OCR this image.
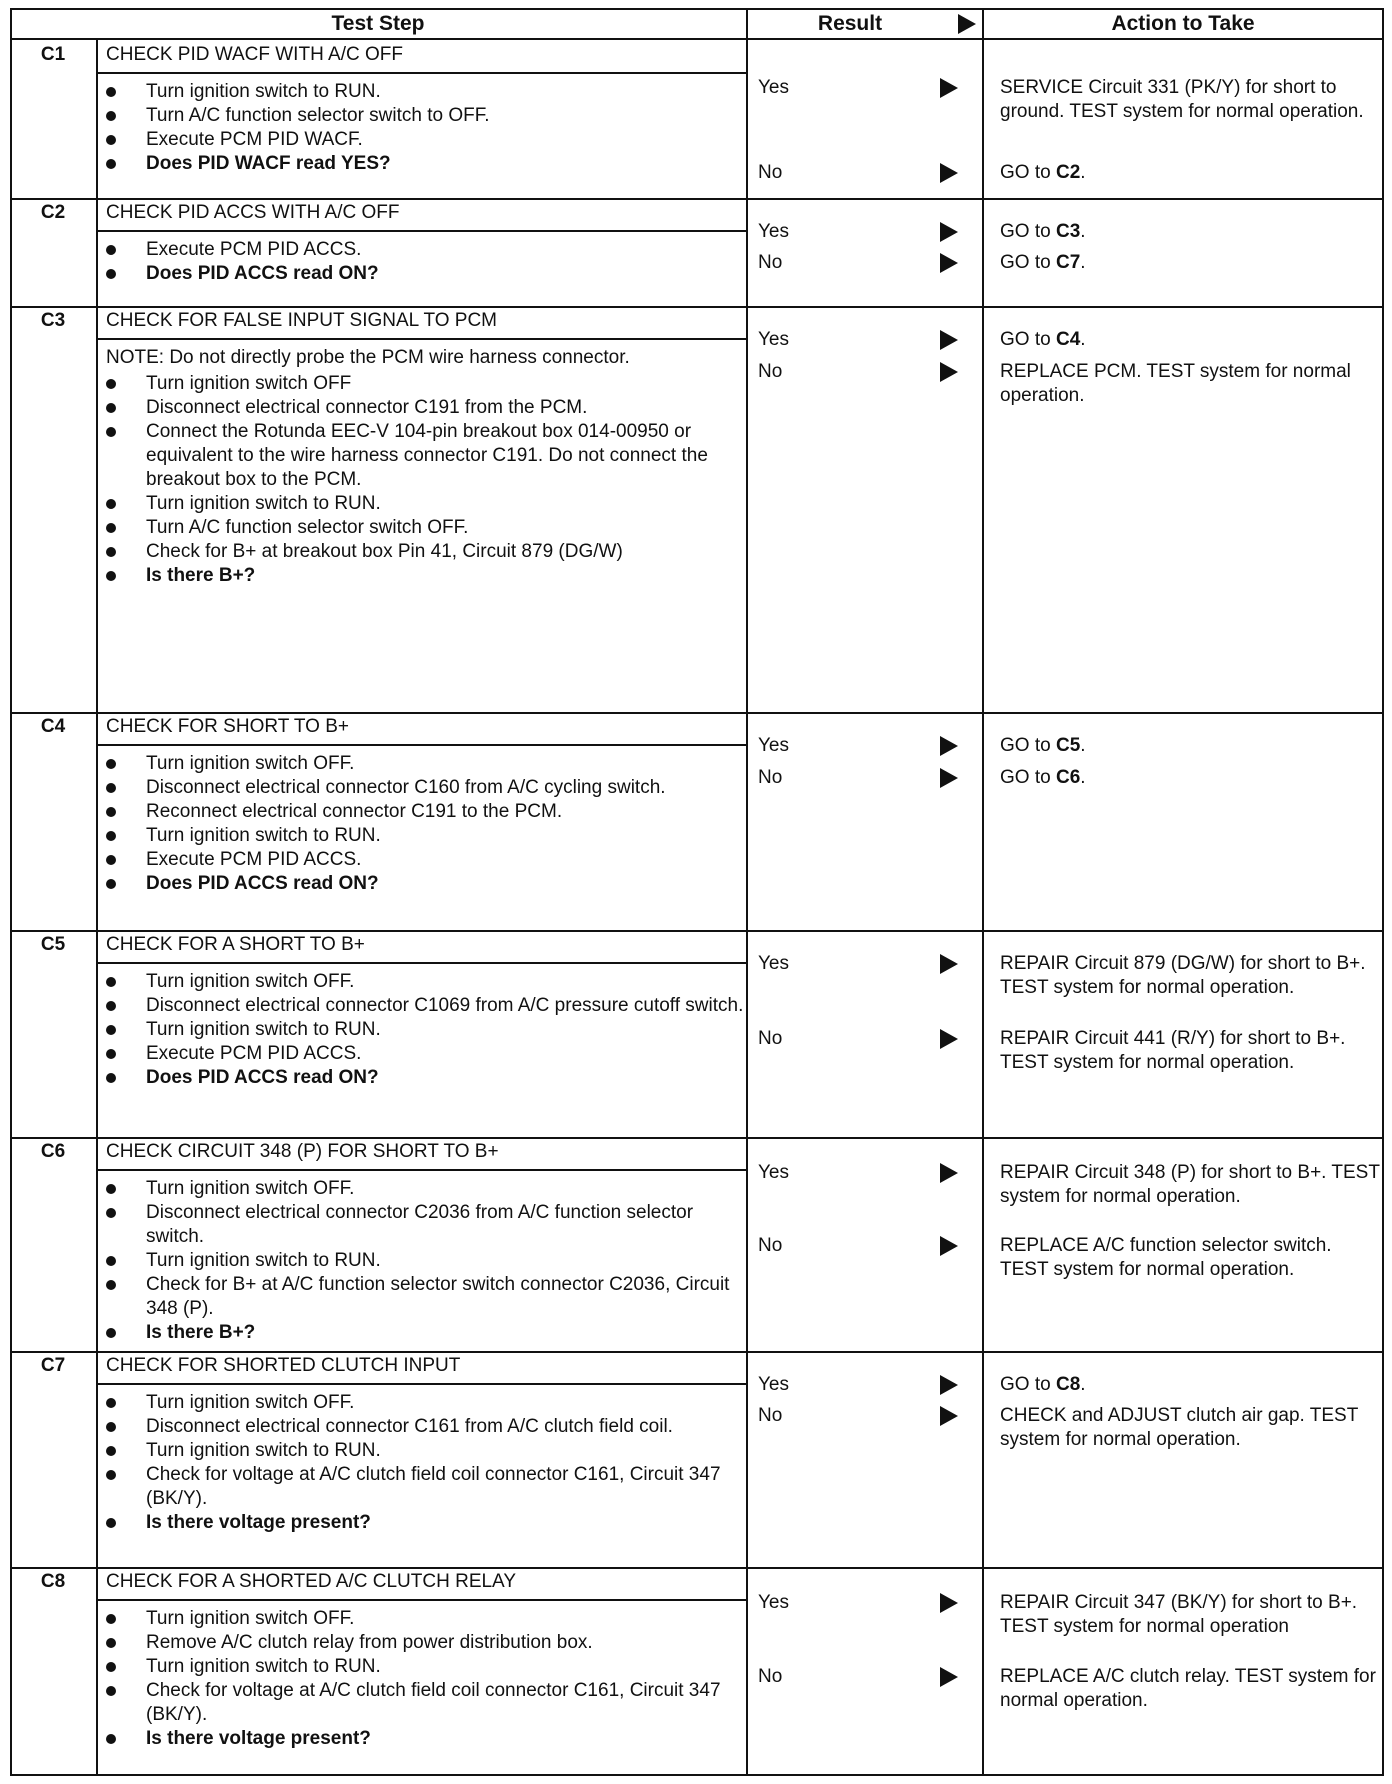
Test Step	Result	Action to Take
C1	CHECK PID WACF WITH A/C OFF
Turn ignition switch to RUN.
Turn A/C function selector switch to OFF.
Execute PCM PID WACF.
Does PID WACF read YES?
Yes	SERVICE Circuit 331 (PK/Y) for short to ground. TEST system for normal operation.
No	GO to C2.
C2	CHECK PID ACCS WITH A/C OFF
Execute PCM PID ACCS.
Does PID ACCS read ON?
Yes	GO to C3.
No	GO to C7.
C3	CHECK FOR FALSE INPUT SIGNAL TO PCM
NOTE: Do not directly probe the PCM wire harness connector.
Turn ignition switch OFF
Disconnect electrical connector C191 from the PCM.
Connect the Rotunda EEC-V 104-pin breakout box 014-00950 or equivalent to the wire harness connector C191. Do not connect the breakout box to the PCM.
Turn ignition switch to RUN.
Turn A/C function selector switch OFF.
Check for B+ at breakout box Pin 41, Circuit 879 (DG/W)
Is there B+?
Yes	GO to C4.
No	REPLACE PCM. TEST system for normal operation.
C4	CHECK FOR SHORT TO B+
Turn ignition switch OFF.
Disconnect electrical connector C160 from A/C cycling switch.
Reconnect electrical connector C191 to the PCM.
Turn ignition switch to RUN.
Execute PCM PID ACCS.
Does PID ACCS read ON?
Yes	GO to C5.
No	GO to C6.
C5	CHECK FOR A SHORT TO B+
Turn ignition switch OFF.
Disconnect electrical connector C1069 from A/C pressure cutoff switch.
Turn ignition switch to RUN.
Execute PCM PID ACCS.
Does PID ACCS read ON?
Yes	REPAIR Circuit 879 (DG/W) for short to B+. TEST system for normal operation.
No	REPAIR Circuit 441 (R/Y) for short to B+. TEST system for normal operation.
C6	CHECK CIRCUIT 348 (P) FOR SHORT TO B+
Turn ignition switch OFF.
Disconnect electrical connector C2036 from A/C function selector switch.
Turn ignition switch to RUN.
Check for B+ at A/C function selector switch connector C2036, Circuit 348 (P).
Is there B+?
Yes	REPAIR Circuit 348 (P) for short to B+. TEST system for normal operation.
No	REPLACE A/C function selector switch. TEST system for normal operation.
C7	CHECK FOR SHORTED CLUTCH INPUT
Turn ignition switch OFF.
Disconnect electrical connector C161 from A/C clutch field coil.
Turn ignition switch to RUN.
Check for voltage at A/C clutch field coil connector C161, Circuit 347 (BK/Y).
Is there voltage present?
Yes	GO to C8.
No	CHECK and ADJUST clutch air gap. TEST system for normal operation.
C8	CHECK FOR A SHORTED A/C CLUTCH RELAY
Turn ignition switch OFF.
Remove A/C clutch relay from power distribution box.
Turn ignition switch to RUN.
Check for voltage at A/C clutch field coil connector C161, Circuit 347 (BK/Y).
Is there voltage present?
Yes	REPAIR Circuit 347 (BK/Y) for short to B+. TEST system for normal operation
No	REPLACE A/C clutch relay. TEST system for normal operation.
